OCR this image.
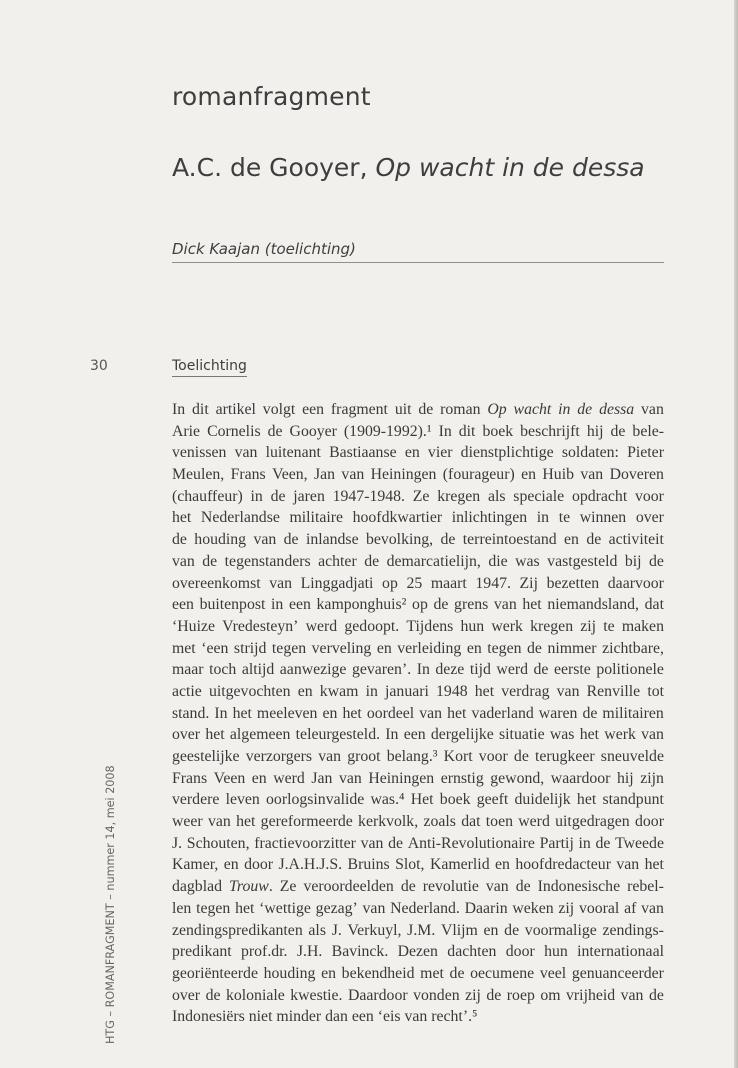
romanfragment
A.C. de Gooyer, Op wacht in de dessa
Dick Kaajan (toelichting)
30	Toelichting
HTG – ROMANFRAGMENT – nummer 14, mei 2008
In dit artikel volgt een fragment uit de roman Op wacht in de dessa van
Arie Cornelis de Gooyer (1909-1992).¹ In dit boek beschrijft hij de bele-
venissen van luitenant Bastiaanse en vier dienstplichtige soldaten: Pieter
Meulen, Frans Veen, Jan van Heiningen (fourageur) en Huib van Doveren
(chauffeur) in de jaren 1947-1948. Ze kregen als speciale opdracht voor
het Nederlandse militaire hoofdkwartier inlichtingen in te winnen over
de houding van de inlandse bevolking, de terreintoestand en de activiteit
van de tegenstanders achter de demarcatielijn, die was vastgesteld bij de
overeenkomst van Linggadjati op 25 maart 1947. Zij bezetten daarvoor
een buitenpost in een kamponghuis² op de grens van het niemandsland, dat
‘Huize Vredesteyn’ werd gedoopt. Tijdens hun werk kregen zij te maken
met ‘een strijd tegen verveling en verleiding en tegen de nimmer zichtbare,
maar toch altijd aanwezige gevaren’. In deze tijd werd de eerste politionele
actie uitgevochten en kwam in januari 1948 het verdrag van Renville tot
stand. In het meeleven en het oordeel van het vaderland waren de militairen
over het algemeen teleurgesteld. In een dergelijke situatie was het werk van
geestelijke verzorgers van groot belang.³ Kort voor de terugkeer sneuvelde
Frans Veen en werd Jan van Heiningen ernstig gewond, waardoor hij zijn
verdere leven oorlogsinvalide was.⁴ Het boek geeft duidelijk het standpunt
weer van het gereformeerde kerkvolk, zoals dat toen werd uitgedragen door
J. Schouten, fractievoorzitter van de Anti-Revolutionaire Partij in de Tweede
Kamer, en door J.A.H.J.S. Bruins Slot, Kamerlid en hoofdredacteur van het
dagblad Trouw. Ze veroordeelden de revolutie van de Indonesische rebel-
len tegen het ‘wettige gezag’ van Nederland. Daarin weken zij vooral af van
zendingspredikanten als J. Verkuyl, J.M. Vlijm en de voormalige zendings-
predikant prof.dr. J.H. Bavinck. Dezen dachten door hun internationaal
georiënteerde houding en bekendheid met de oecumene veel genuanceerder
over de koloniale kwestie. Daardoor vonden zij de roep om vrijheid van de
Indonesiërs niet minder dan een ‘eis van recht’.⁵
